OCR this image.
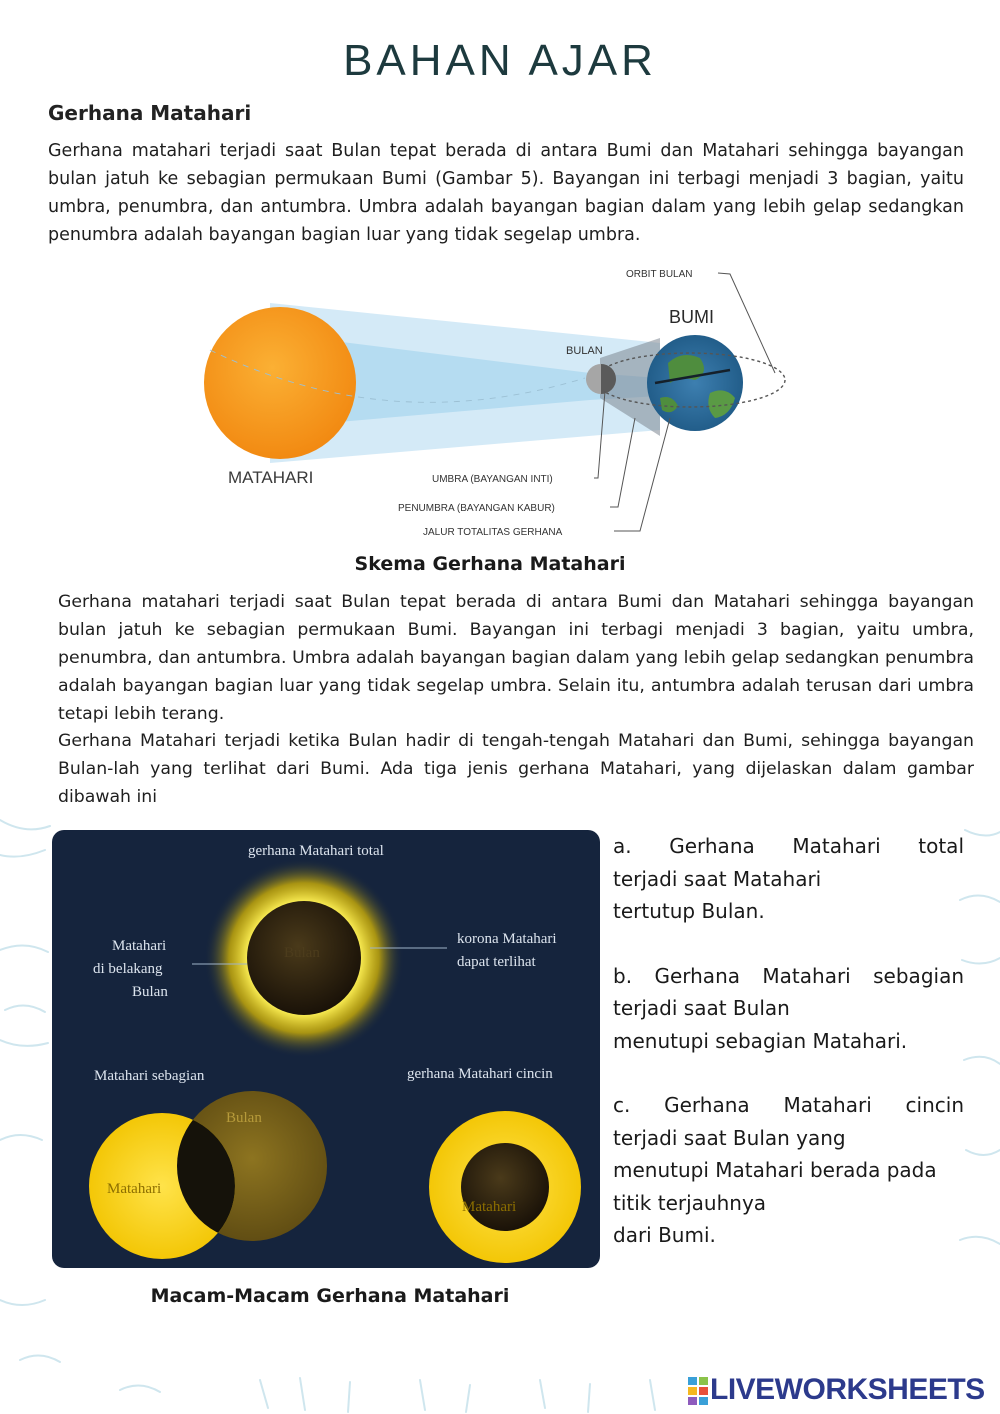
BAHAN AJAR
Gerhana Matahari
Gerhana matahari terjadi saat Bulan tepat berada di antara Bumi dan Matahari sehingga bayangan bulan jatuh ke sebagian permukaan Bumi (Gambar 5). Bayangan ini terbagi menjadi 3 bagian, yaitu umbra, penumbra, dan antumbra. Umbra adalah bayangan bagian dalam yang lebih gelap sedangkan penumbra adalah bayangan bagian luar yang tidak segelap umbra.
ORBIT BULAN
BUMI
BULAN
MATAHARI	UMBRA (BAYANGAN INTI)
PENUMBRA (BAYANGAN KABUR)
JALUR TOTALITAS GERHANA
Skema Gerhana Matahari
Gerhana matahari terjadi saat Bulan tepat berada di antara Bumi dan Matahari sehingga bayangan bulan jatuh ke sebagian permukaan Bumi. Bayangan ini terbagi menjadi 3 bagian, yaitu umbra, penumbra, dan antumbra. Umbra adalah bayangan bagian dalam yang lebih gelap sedangkan penumbra adalah bayangan bagian luar yang tidak segelap umbra. Selain itu, antumbra adalah terusan dari umbra tetapi lebih terang.
Gerhana Matahari terjadi ketika Bulan hadir di tengah-tengah Matahari dan Bumi, sehingga bayangan Bulan-lah yang terlihat dari Bumi. Ada tiga jenis gerhana Matahari, yang dijelaskan dalam gambar dibawah ini
gerhana Matahari total
Matahari
di belakang
Bulan
korona Matahari
dapat terlihat
Matahari sebagian	gerhana Matahari cincin
Bulan
Bulan
Matahari
Matahari
Macam-Macam Gerhana Matahari

a. Gerhana Matahari total
terjadi saat Matahari
tertutup Bulan.

b. Gerhana Matahari sebagian
terjadi saat Bulan
menutupi sebagian Matahari.

c. Gerhana Matahari cincin
terjadi saat Bulan yang
menutupi Matahari berada pada
titik terjauhnya
dari Bumi.

LIVEWORKSHEETS
